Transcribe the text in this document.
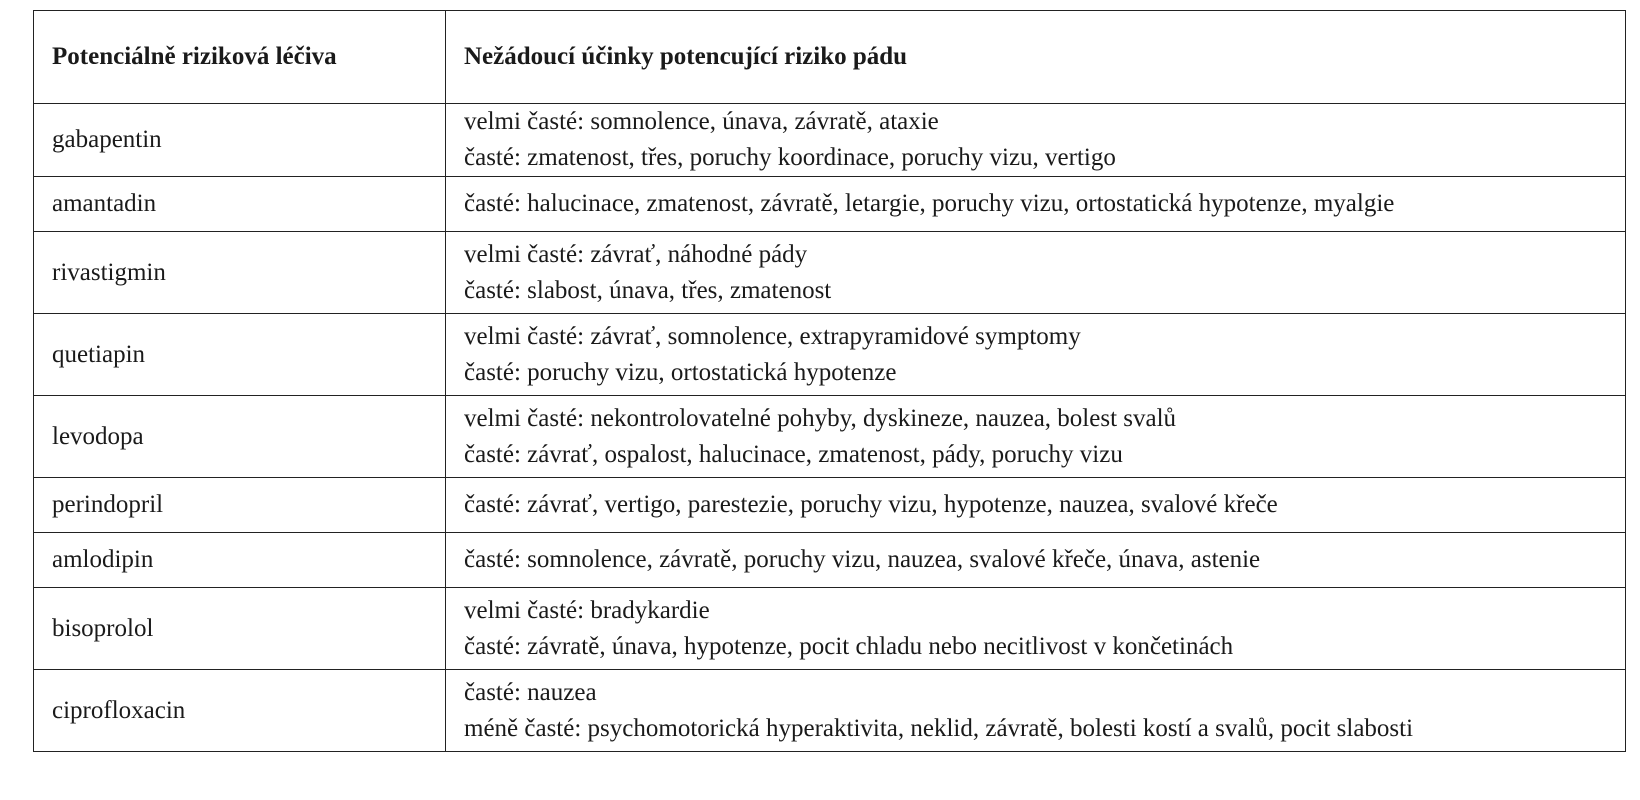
Potenciálně riziková léčiva	Nežádoucí účinky potencující riziko pádu
gabapentin	velmi časté: somnolence, únava, závratě, ataxie
časté: zmatenost, třes, poruchy koordinace, poruchy vizu, vertigo

amantadin	časté: halucinace, zmatenost, závratě, letargie, poruchy vizu, ortostatická hypotenze, myalgie

rivastigmin	velmi časté: závrať, náhodné pády
časté: slabost, únava, třes, zmatenost

quetiapin	velmi časté: závrať, somnolence, extrapyramidové symptomy
časté: poruchy vizu, ortostatická hypotenze

levodopa	velmi časté: nekontrolovatelné pohyby, dyskineze, nauzea, bolest svalů
časté: závrať, ospalost, halucinace, zmatenost, pády, poruchy vizu

perindopril	časté: závrať, vertigo, parestezie, poruchy vizu, hypotenze, nauzea, svalové křeče

amlodipin	časté: somnolence, závratě, poruchy vizu, nauzea, svalové křeče, únava, astenie

bisoprolol	velmi časté: bradykardie
časté: závratě, únava, hypotenze, pocit chladu nebo necitlivost v končetinách

ciprofloxacin	časté: nauzea
méně časté: psychomotorická hyperaktivita, neklid, závratě, bolesti kostí a svalů, pocit slabosti
